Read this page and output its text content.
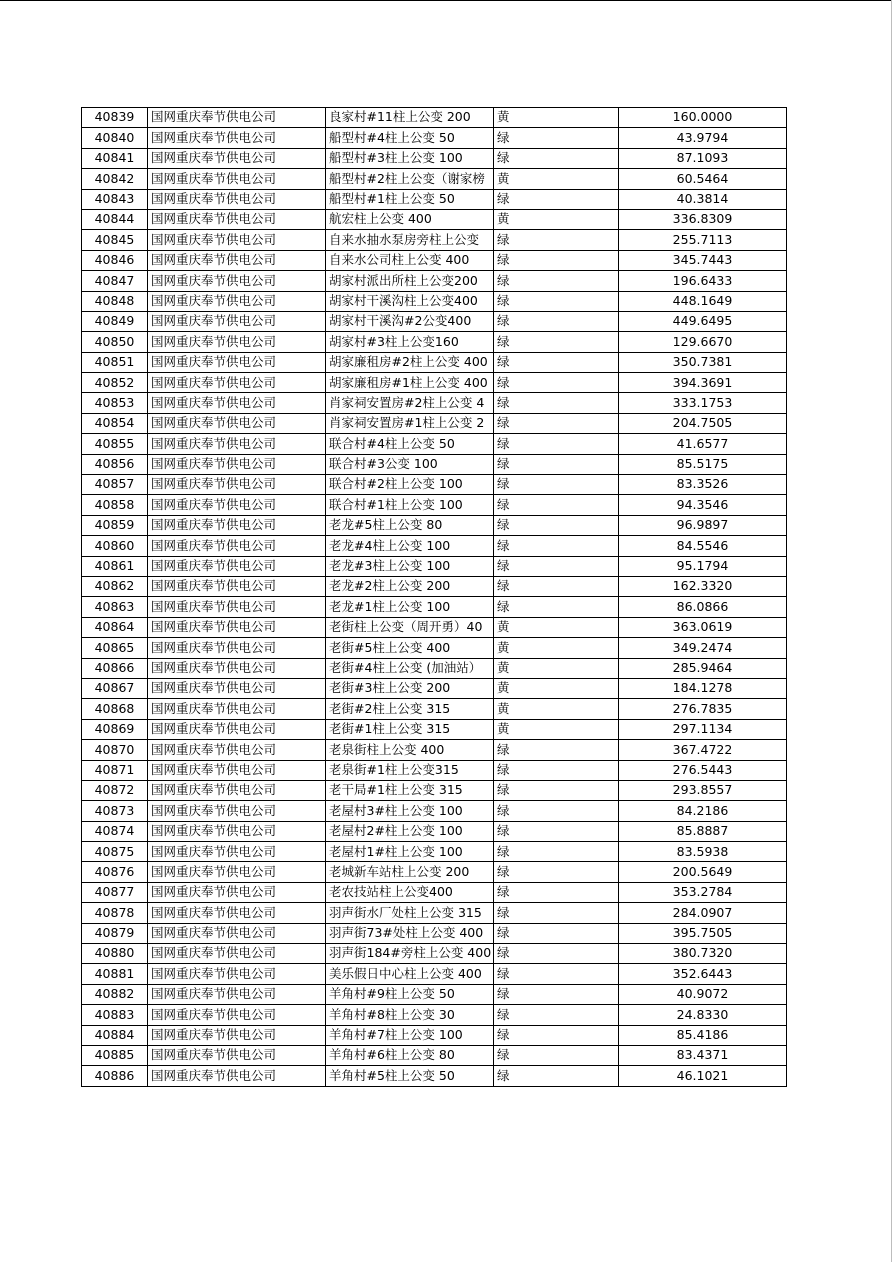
40839	国网重庆奉节供电公司	良家村#11柱上公变 200	黄	160.0000
40840	国网重庆奉节供电公司	船型村#4柱上公变 50	绿	43.9794
40841	国网重庆奉节供电公司	船型村#3柱上公变 100	绿	87.1093
40842	国网重庆奉节供电公司	船型村#2柱上公变（谢家榜	黄	60.5464
40843	国网重庆奉节供电公司	船型村#1柱上公变 50	绿	40.3814
40844	国网重庆奉节供电公司	航宏柱上公变 400	黄	336.8309
40845	国网重庆奉节供电公司	自来水抽水泵房旁柱上公变	绿	255.7113
40846	国网重庆奉节供电公司	自来水公司柱上公变 400	绿	345.7443
40847	国网重庆奉节供电公司	胡家村派出所柱上公变200	绿	196.6433
40848	国网重庆奉节供电公司	胡家村干溪沟柱上公变400	绿	448.1649
40849	国网重庆奉节供电公司	胡家村干溪沟#2公变400	绿	449.6495
40850	国网重庆奉节供电公司	胡家村#3柱上公变160	绿	129.6670
40851	国网重庆奉节供电公司	胡家廉租房#2柱上公变 400	绿	350.7381
40852	国网重庆奉节供电公司	胡家廉租房#1柱上公变 400	绿	394.3691
40853	国网重庆奉节供电公司	肖家祠安置房#2柱上公变 4	绿	333.1753
40854	国网重庆奉节供电公司	肖家祠安置房#1柱上公变 2	绿	204.7505
40855	国网重庆奉节供电公司	联合村#4柱上公变 50	绿	41.6577
40856	国网重庆奉节供电公司	联合村#3公变 100	绿	85.5175
40857	国网重庆奉节供电公司	联合村#2柱上公变 100	绿	83.3526
40858	国网重庆奉节供电公司	联合村#1柱上公变 100	绿	94.3546
40859	国网重庆奉节供电公司	老龙#5柱上公变 80	绿	96.9897
40860	国网重庆奉节供电公司	老龙#4柱上公变 100	绿	84.5546
40861	国网重庆奉节供电公司	老龙#3柱上公变 100	绿	95.1794
40862	国网重庆奉节供电公司	老龙#2柱上公变 200	绿	162.3320
40863	国网重庆奉节供电公司	老龙#1柱上公变 100	绿	86.0866
40864	国网重庆奉节供电公司	老街柱上公变（周开勇）40	黄	363.0619
40865	国网重庆奉节供电公司	老街#5柱上公变 400	黄	349.2474
40866	国网重庆奉节供电公司	老街#4柱上公变 (加油站）	黄	285.9464
40867	国网重庆奉节供电公司	老街#3柱上公变 200	黄	184.1278
40868	国网重庆奉节供电公司	老街#2柱上公变 315	黄	276.7835
40869	国网重庆奉节供电公司	老街#1柱上公变 315	黄	297.1134
40870	国网重庆奉节供电公司	老泉街柱上公变 400	绿	367.4722
40871	国网重庆奉节供电公司	老泉街#1柱上公变315	绿	276.5443
40872	国网重庆奉节供电公司	老干局#1柱上公变 315	绿	293.8557
40873	国网重庆奉节供电公司	老屋村3#柱上公变 100	绿	84.2186
40874	国网重庆奉节供电公司	老屋村2#柱上公变 100	绿	85.8887
40875	国网重庆奉节供电公司	老屋村1#柱上公变 100	绿	83.5938
40876	国网重庆奉节供电公司	老城新车站柱上公变 200	绿	200.5649
40877	国网重庆奉节供电公司	老农技站柱上公变400	绿	353.2784
40878	国网重庆奉节供电公司	羽声街水厂处柱上公变 315	绿	284.0907
40879	国网重庆奉节供电公司	羽声街73#处柱上公变 400	绿	395.7505
40880	国网重庆奉节供电公司	羽声街184#旁柱上公变 400	绿	380.7320
40881	国网重庆奉节供电公司	美乐假日中心柱上公变 400	绿	352.6443
40882	国网重庆奉节供电公司	羊角村#9柱上公变 50	绿	40.9072
40883	国网重庆奉节供电公司	羊角村#8柱上公变 30	绿	24.8330
40884	国网重庆奉节供电公司	羊角村#7柱上公变 100	绿	85.4186
40885	国网重庆奉节供电公司	羊角村#6柱上公变 80	绿	83.4371
40886	国网重庆奉节供电公司	羊角村#5柱上公变 50	绿	46.1021
